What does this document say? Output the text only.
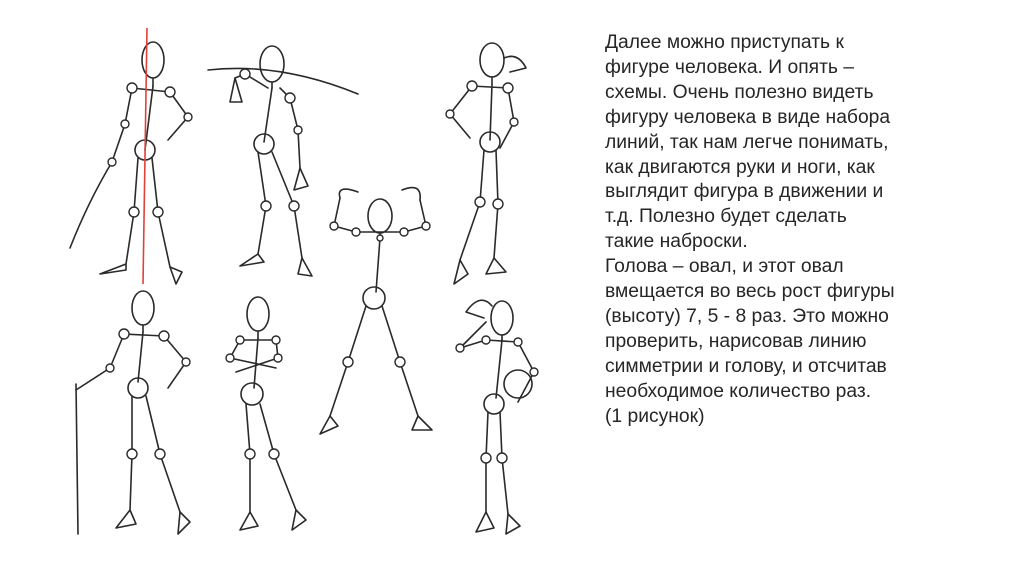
Далее можно приступать к
фигуре человека. И опять –
схемы. Очень полезно видеть
фигуру человека в виде набора
линий, так нам легче понимать,
как двигаются руки и ноги, как
выглядит фигура в движении и
т.д. Полезно будет сделать
такие наброски.
Голова – овал, и этот овал
вмещается во весь рост фигуры
(высоту) 7, 5 - 8 раз. Это можно
проверить, нарисовав линию
симметрии и голову, и отсчитав
необходимое количество раз.
(1 рисунок)
